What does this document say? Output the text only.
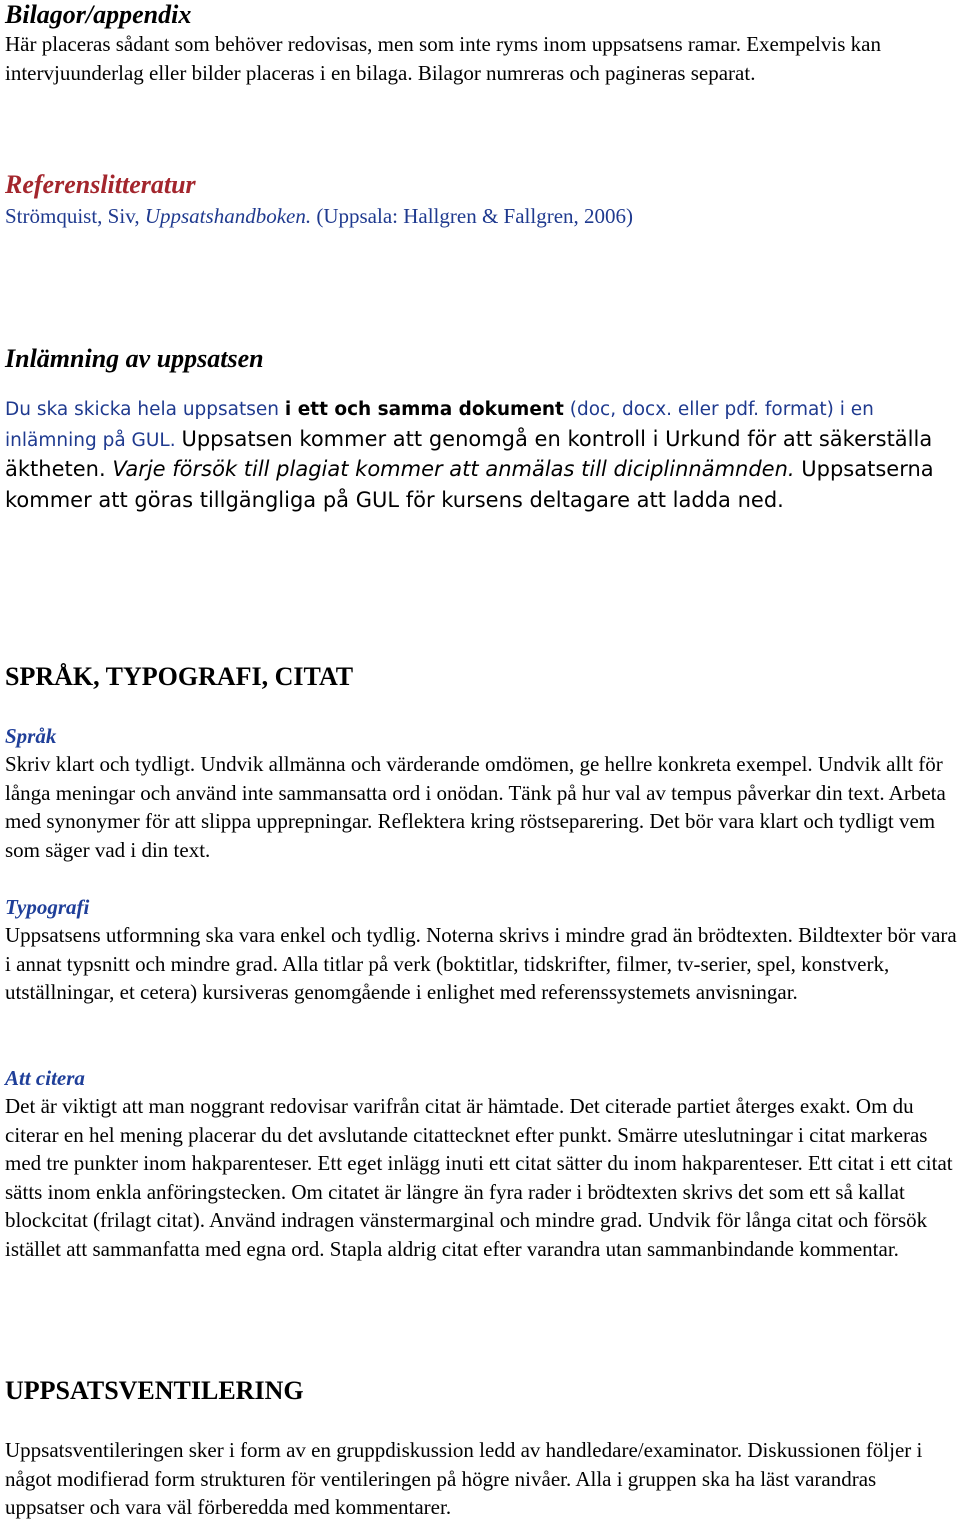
Bilagor/appendix

Här placeras sådant som behöver redovisas, men som inte ryms inom uppsatsens ramar. Exempelvis kan intervjuunderlag eller bilder placeras i en bilaga. Bilagor numreras och pagineras separat.

Referenslitteratur

Strömquist, Siv, Uppsatshandboken. (Uppsala: Hallgren & Fallgren, 2006)

Inlämning av uppsatsen

Du ska skicka hela uppsatsen i ett och samma dokument (doc, docx. eller pdf. format) i en inlämning på GUL. Uppsatsen kommer att genomgå en kontroll i Urkund för att säkerställa äktheten. Varje försök till plagiat kommer att anmälas till diciplinnämnden. Uppsatserna kommer att göras tillgängliga på GUL för kursens deltagare att ladda ned.

SPRÅK, TYPOGRAFI, CITAT
Språk

Skriv klart och tydligt. Undvik allmänna och värderande omdömen, ge hellre konkreta exempel. Undvik allt för långa meningar och använd inte sammansatta ord i onödan. Tänk på hur val av tempus påverkar din text. Arbeta med synonymer för att slippa upprepningar. Reflektera kring röstseparering. Det bör vara klart och tydligt vem som säger vad i din text.

Typografi

Uppsatsens utformning ska vara enkel och tydlig. Noterna skrivs i mindre grad än brödtexten. Bildtexter bör vara i annat typsnitt och mindre grad. Alla titlar på verk (boktitlar, tidskrifter, filmer, tv-serier, spel, konstverk, utställningar, et cetera) kursiveras genomgående i enlighet med referenssystemets anvisningar.

Att citera

Det är viktigt att man noggrant redovisar varifrån citat är hämtade. Det citerade partiet återges exakt. Om du citerar en hel mening placerar du det avslutande citattecknet efter punkt. Smärre uteslutningar i citat markeras med tre punkter inom hakparenteser. Ett eget inlägg inuti ett citat sätter du inom hakparenteser. Ett citat i ett citat sätts inom enkla anföringstecken. Om citatet är längre än fyra rader i brödtexten skrivs det som ett så kallat blockcitat (frilagt citat). Använd indragen vänstermarginal och mindre grad. Undvik för långa citat och försök istället att sammanfatta med egna ord. Stapla aldrig citat efter varandra utan sammanbindande kommentar.

UPPSATSVENTILERING

Uppsatsventileringen sker i form av en gruppdiskussion ledd av handledare/examinator. Diskussionen följer i något modifierad form strukturen för ventileringen på högre nivåer. Alla i gruppen ska ha läst varandras uppsatser och vara väl förberedda med kommentarer.
